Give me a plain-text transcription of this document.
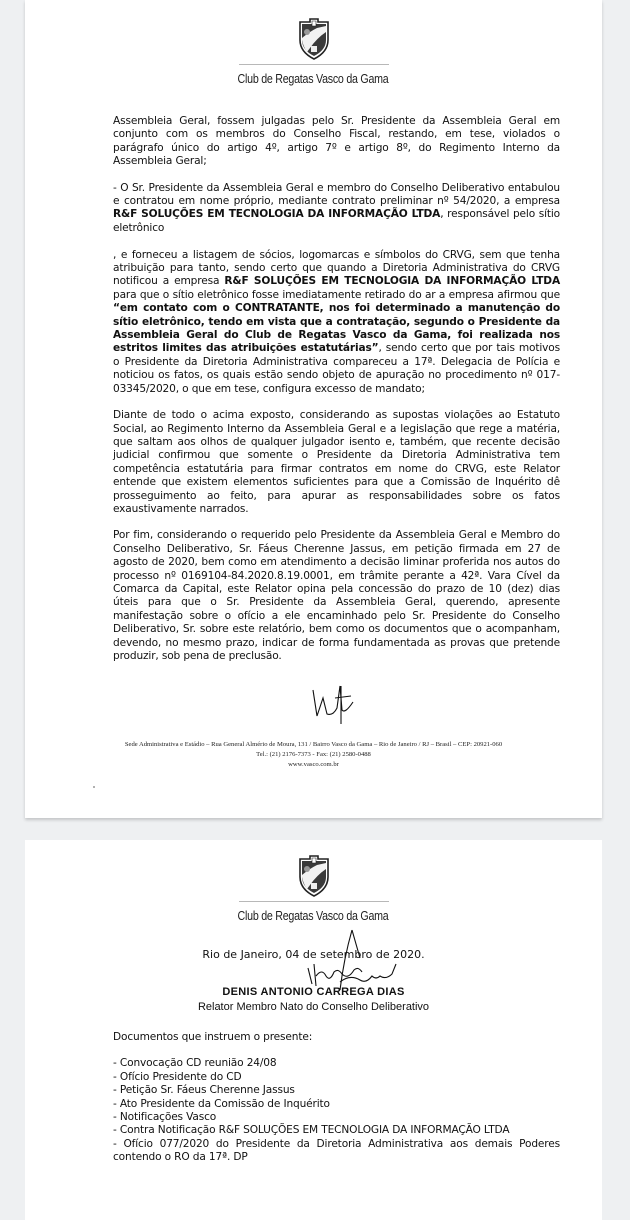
Club de Regatas Vasco da Gama

Assembleia Geral, fossem julgadas pelo Sr. Presidente da Assembleia Geral em conjunto com os membros do Conselho Fiscal, restando, em tese, violados o parágrafo único do artigo 4º, artigo 7º e artigo 8º, do Regimento Interno da Assembleia Geral;

- O Sr. Presidente da Assembleia Geral e membro do Conselho Deliberativo entabulou e contratou em nome próprio, mediante contrato preliminar nº 54/2020, a empresa R&F SOLUÇÕES EM TECNOLOGIA DA INFORMAÇÃO LTDA, responsável pelo sítio eletrônico
, e forneceu a listagem de sócios, logomarcas e símbolos do CRVG, sem que tenha atribuição para tanto, sendo certo que quando a Diretoria Administrativa do CRVG notificou a empresa R&F SOLUÇÕES EM TECNOLOGIA DA INFORMAÇÃO LTDA para que o sítio eletrônico fosse imediatamente retirado do ar a empresa afirmou que “em contato com o CONTRATANTE, nos foi determinado a manutenção do sítio eletrônico, tendo em vista que a contratação, segundo o Presidente da Assembleia Geral do Club de Regatas Vasco da Gama, foi realizada nos estritos limites das atribuições estatutárias”, sendo certo que por tais motivos o Presidente da Diretoria Administrativa compareceu a 17ª. Delegacia de Polícia e noticiou os fatos, os quais estão sendo objeto de apuração no procedimento nº 017-03345/2020, o que em tese, configura excesso de mandato;

Diante de todo o acima exposto, considerando as supostas violações ao Estatuto Social, ao Regimento Interno da Assembleia Geral e a legislação que rege a matéria, que saltam aos olhos de qualquer julgador isento e, também, que recente decisão judicial confirmou que somente o Presidente da Diretoria Administrativa tem competência estatutária para firmar contratos em nome do CRVG, este Relator entende que existem elementos suficientes para que a Comissão de Inquérito dê prosseguimento ao feito, para apurar as responsabilidades sobre os fatos exaustivamente narrados.

Por fim, considerando o requerido pelo Presidente da Assembleia Geral e Membro do Conselho Deliberativo, Sr. Fáeus Cherenne Jassus, em petição firmada em 27 de agosto de 2020, bem como em atendimento a decisão liminar proferida nos autos do processo nº 0169104-84.2020.8.19.0001, em trâmite perante a 42ª. Vara Cível da Comarca da Capital, este Relator opina pela concessão do prazo de 10 (dez) dias úteis para que o Sr. Presidente da Assembleia Geral, querendo, apresente manifestação sobre o ofício a ele encaminhado pelo Sr. Presidente do Conselho Deliberativo, Sr. sobre este relatório, bem como os documentos que o acompanham, devendo, no mesmo prazo, indicar de forma fundamentada as provas que pretende produzir, sob pena de preclusão.

Sede Administrativa e Estádio – Rua General Almério de Moura, 131 / Bairro Vasco da Gama – Rio de Janeiro / RJ – Brasil – CEP: 20921-060
Tel.: (21) 2176-7373 - Fax: (21) 2580-0488
www.vasco.com.br
Club de Regatas Vasco da Gama
Rio de Janeiro, 04 de setembro de 2020.
DENIS ANTONIO CARREGA DIAS
Relator Membro Nato do Conselho Deliberativo

Documentos que instruem o presente:

- Convocação CD reunião 24/08

- Ofício Presidente do CD

- Petição Sr. Fáeus Cherenne Jassus

- Ato Presidente da Comissão de Inquérito

- Notificações Vasco

- Contra Notificação R&F SOLUÇÕES EM TECNOLOGIA DA INFORMAÇÃO LTDA

- Ofício 077/2020 do Presidente da Diretoria Administrativa aos demais Poderes contendo o RO da 17ª. DP
